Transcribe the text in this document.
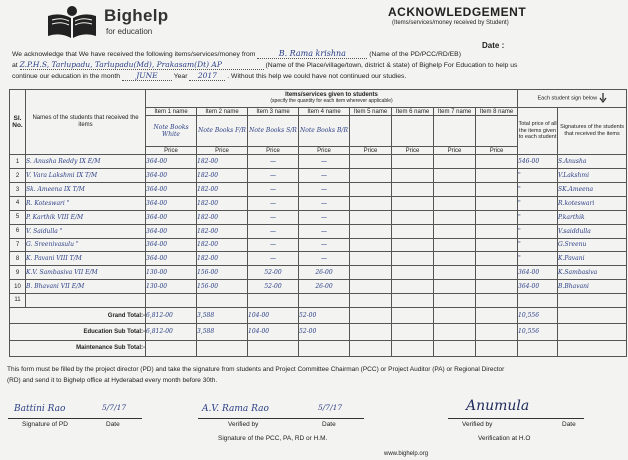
Bighelp
for education
ACKNOWLEDGEMENT
(Items/services/money received by Student)
Date :
We acknowledge that We have received the following items/services/money from	B. Rama krishna	(Name of the PD/PCC/RD/EB)
at Z.P.H.S, Tarlupadu, Tarlupadu(Md), Prakasam(Dt) AP	(Name of the Place/village/town, district & state) of Bighelp For Education to help us
continue our education in the month JUNE Year 2017 . Without this help we could have not continued our studies.
Sl. No.	Names of the students that received the items	Items/services given to students
(specify the quantity for each item wherever applicable)								Each student sign below	
		Item 1 name	Item 2 name	Item 3 name	Item 4 name	Item 5 name	Item 6 name	Item 7 name	Item 8 name	Total price of all the items given to each student	Signatures of the students that received the items
		Note Books White	Note Books F/R	Note Books S/R	Note Books B/R						
		Price	Price	Price	Price	Price	Price	Price	Price		
1	S. Anusha Reddy IX E/M	364-00	182-00	—	—					546-00	S.Anusha
2	V. Vara Lakshmi IX T/M	364-00	182-00	—	—					"	V.Lakshmi
3	Sk. Ameena IX T/M	364-00	182-00	—	—					"	SK.Ameena
4	R. Koteswari "	364-00	182-00	—	—					"	R.koteswari
5	P. Karthik VIII E/M	364-00	182-00	—	—					"	P.karthik
6	V. Saidulla "	364-00	182-00	—	—					"	V.saiddulla
7	G. Sreenivasulu "	364-00	182-00	—	—					"	G.Sreenu
8	K. Pavani VIII T/M	364-00	182-00	—	—					"	K.Pavani
9	K.V. Sambasiva VII E/M	130-00	156-00	52-00	26-00					364-00	K.Sambasiva
10	B. Bhavani VII E/M	130-00	156-00	52-00	26-00					364-00	B.Bhavani
11											
Grand Total:-		6,812-00	3,588	104-00	52-00					10,556	
Education Sub Total:-		6,812-00	3,588	104-00	52-00					10,556	
Maintenance Sub Total:-											
This form must be filled by the project director (PD) and take the signature from students and Project Committee Chairman (PCC) or Project Auditor (PA) or Regional Director
(RD) and send it to Bighelp office at Hyderabad every month before 30th.
Battini Rao	5/7/17
Signature of PD	Date
A.V. Rama Rao	5/7/17
Verified by	Date
Signature of the PCC, PA, RD or H.M.
Anumula
Verified by	Date
Verification at H.O
www.bighelp.org
